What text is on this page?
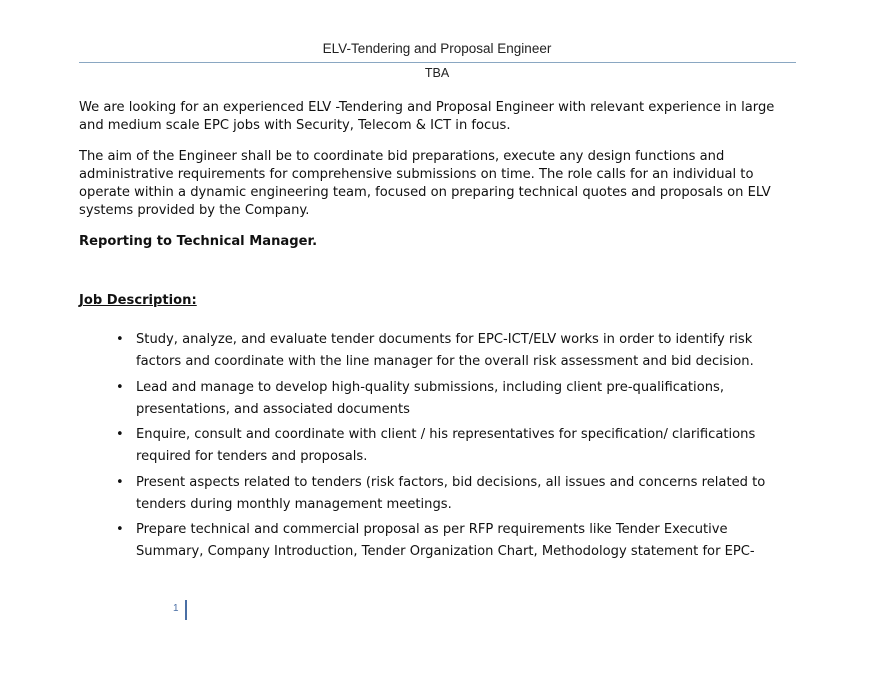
ELV-Tendering and Proposal Engineer
TBA
We are looking for an experienced ELV -Tendering and Proposal Engineer with relevant experience in large
and medium scale EPC jobs with Security, Telecom & ICT in focus.
The aim of the Engineer shall be to coordinate bid preparations, execute any design functions and
administrative requirements for comprehensive submissions on time. The role calls for an individual to
operate within a dynamic engineering team, focused on preparing technical quotes and proposals on ELV
systems provided by the Company.
Reporting to Technical Manager.
Job Description:
• Study, analyze, and evaluate tender documents for EPC-ICT/ELV works in order to identify risk
factors and coordinate with the line manager for the overall risk assessment and bid decision.
• Lead and manage to develop high-quality submissions, including client pre-qualifications,
presentations, and associated documents
• Enquire, consult and coordinate with client / his representatives for specification/ clarifications
required for tenders and proposals.
• Present aspects related to tenders (risk factors, bid decisions, all issues and concerns related to
tenders during monthly management meetings.
• Prepare technical and commercial proposal as per RFP requirements like Tender Executive
Summary, Company Introduction, Tender Organization Chart, Methodology statement for EPC-
1
